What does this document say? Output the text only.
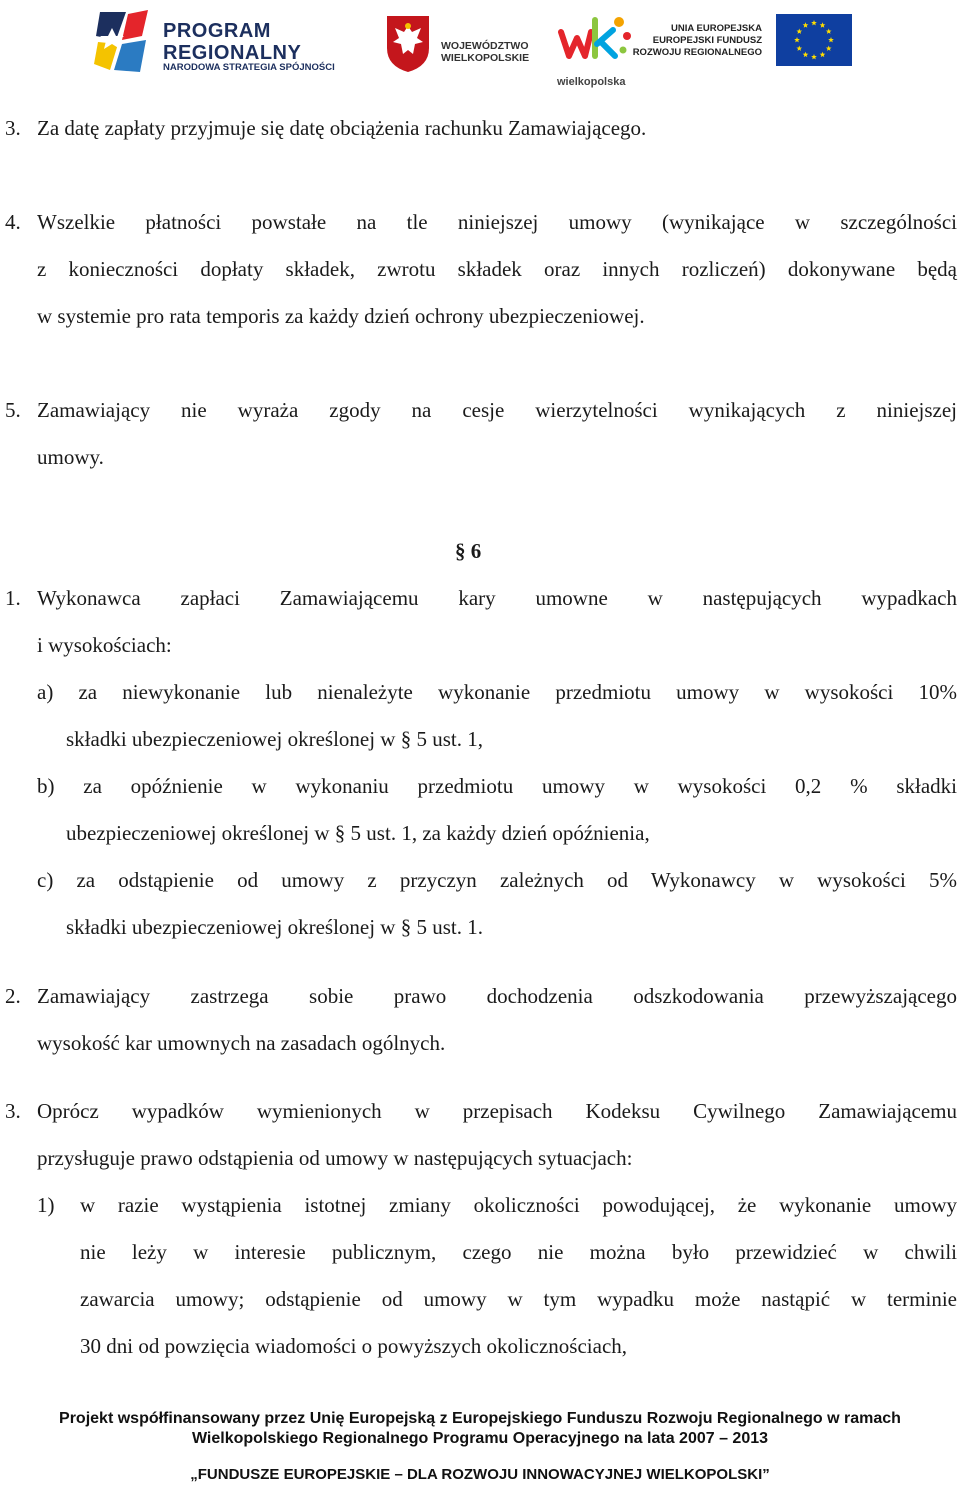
PROGRAM
REGIONALNY
NARODOWA STRATEGIA SPÓJNOŚCI
WOJEWÓDZTWO
WIELKOPOLSKIE
wielkopolska
UNIA EUROPEJSKA
EUROPEJSKI FUNDUSZ
ROZWOJU REGIONALNEGO
3. Za datę zapłaty przyjmuje się datę obciążenia rachunku Zamawiającego.
4. Wszelkie płatności powstałe na tle niniejszej umowy (wynikające w szczególności
z konieczności dopłaty składek, zwrotu składek oraz innych rozliczeń) dokonywane będą
w systemie pro rata temporis za każdy dzień ochrony ubezpieczeniowej.
5. Zamawiający nie wyraża zgody na cesje wierzytelności wynikających z niniejszej
umowy.
§ 6
1. Wykonawca zapłaci Zamawiającemu kary umowne w następujących wypadkach
i wysokościach:
a) za niewykonanie lub nienależyte wykonanie przedmiotu umowy w wysokości 10%
składki ubezpieczeniowej określonej w § 5 ust. 1,
b) za opóźnienie w wykonaniu przedmiotu umowy w wysokości 0,2 % składki
ubezpieczeniowej określonej w § 5 ust. 1, za każdy dzień opóźnienia,
c) za odstąpienie od umowy z przyczyn zależnych od Wykonawcy w wysokości 5%
składki ubezpieczeniowej określonej w § 5 ust. 1.
2. Zamawiający zastrzega sobie prawo dochodzenia odszkodowania przewyższającego
wysokość kar umownych na zasadach ogólnych.
3. Oprócz wypadków wymienionych w przepisach Kodeksu Cywilnego Zamawiającemu
przysługuje prawo odstąpienia od umowy w następujących sytuacjach:
1) w razie wystąpienia istotnej zmiany okoliczności powodującej, że wykonanie umowy
nie leży w interesie publicznym, czego nie można było przewidzieć w chwili
zawarcia umowy; odstąpienie od umowy w tym wypadku może nastąpić w terminie
30 dni od powzięcia wiadomości o powyższych okolicznościach,
Projekt współfinansowany przez Unię Europejską z Europejskiego Funduszu Rozwoju Regionalnego w ramach
Wielkopolskiego Regionalnego Programu Operacyjnego na lata 2007 – 2013
„FUNDUSZE EUROPEJSKIE – DLA ROZWOJU INNOWACYJNEJ WIELKOPOLSKI”
